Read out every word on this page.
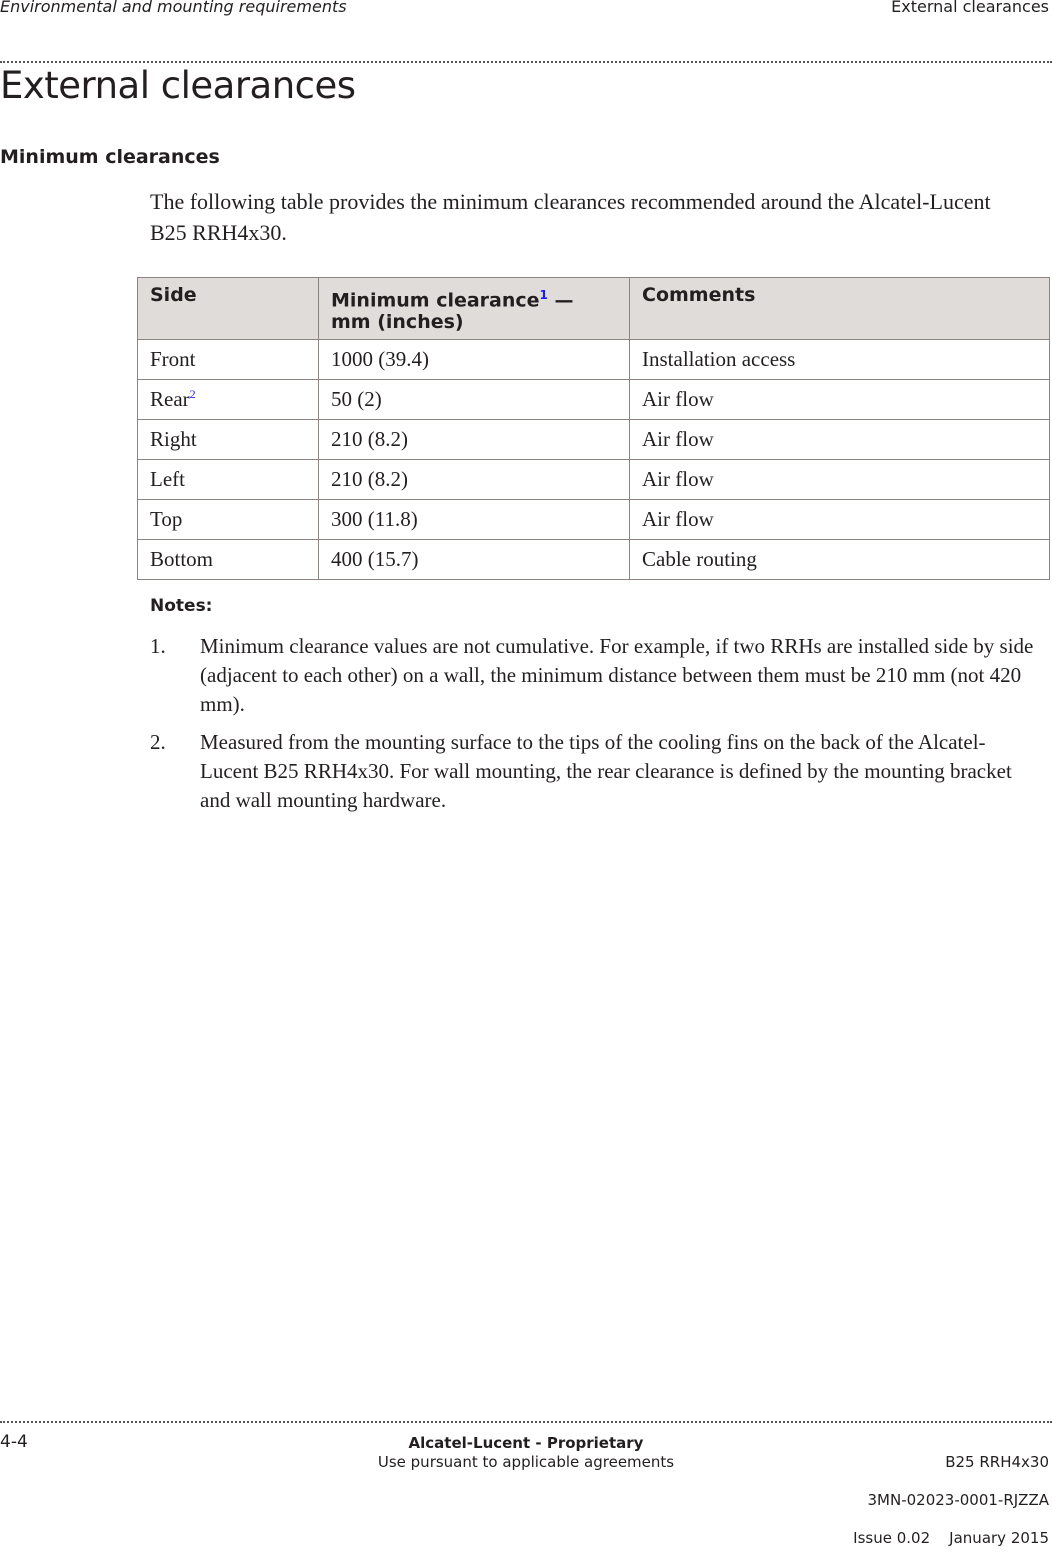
Environmental and mounting requirements	External clearances
External clearances
Minimum clearances
The following table provides the minimum clearances recommended around the Alcatel-Lucent B25 RRH4x30.
Side	Minimum clearance$^1$ — mm (inches)	Comments
Front	1000 (39.4)	Installation access
Rear$^2$	50 (2)	Air flow
Right	210 (8.2)	Air flow
Left	210 (8.2)	Air flow
Top	300 (11.8)	Air flow
Bottom	400 (15.7)	Cable routing
Notes:
1. Minimum clearance values are not cumulative. For example, if two RRHs are installed side by side (adjacent to each other) on a wall, the minimum distance between them must be 210 mm (not 420 mm).
2. Measured from the mounting surface to the tips of the cooling fins on the back of the Alcatel-Lucent B25 RRH4x30. For wall mounting, the rear clearance is defined by the mounting bracket and wall mounting hardware.
4-4	Alcatel-Lucent - Proprietary
Use pursuant to applicable agreements	B25 RRH4x30

3MN-02023-0001-RJZZA

Issue 0.02    January 2015
